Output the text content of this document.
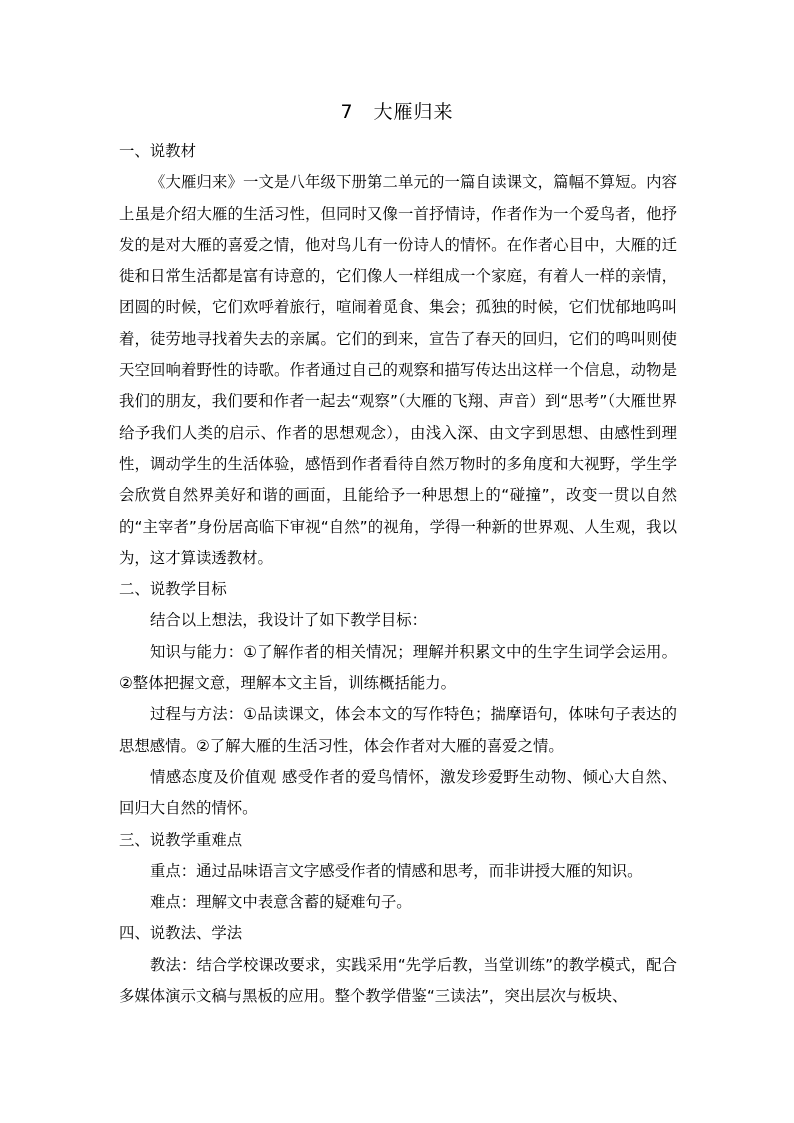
7　大雁归来

一、说教材

《大雁归来》一文是八年级下册第二单元的一篇自读课文，篇幅不算短。内容上虽是介绍大雁的生活习性，但同时又像一首抒情诗，作者作为一个爱鸟者，他抒发的是对大雁的喜爱之情，他对鸟儿有一份诗人的情怀。在作者心目中，大雁的迁徙和日常生活都是富有诗意的，它们像人一样组成一个家庭，有着人一样的亲情，团圆的时候，它们欢呼着旅行，喧闹着觅食、集会；孤独的时候，它们忧郁地呜叫着，徒劳地寻找着失去的亲属。它们的到来，宣告了春天的回归，它们的鸣叫则使天空回响着野性的诗歌。作者通过自己的观察和描写传达出这样一个信息，动物是我们的朋友，我们要和作者一起去“观察”（大雁的飞翔、声音）到“思考”（大雁世界给予我们人类的启示、作者的思想观念），由浅入深、由文字到思想、由感性到理性，调动学生的生活体验，感悟到作者看待自然万物时的多角度和大视野，学生学会欣赏自然界美好和谐的画面，且能给予一种思想上的“碰撞”，改变一贯以自然的“主宰者”身份居高临下审视“自然”的视角，学得一种新的世界观、人生观，我以为，这才算读透教材。

二、说教学目标

结合以上想法，我设计了如下教学目标：

知识与能力：①了解作者的相关情况；理解并积累文中的生字生词学会运用。②整体把握文意，理解本文主旨，训练概括能力。

过程与方法：①品读课文，体会本文的写作特色；揣摩语句，体味句子表达的思想感情。②了解大雁的生活习性，体会作者对大雁的喜爱之情。

情感态度及价值观 感受作者的爱鸟情怀，激发珍爱野生动物、倾心大自然、回归大自然的情怀。

三、说教学重难点

重点：通过品味语言文字感受作者的情感和思考，而非讲授大雁的知识。

难点：理解文中表意含蓄的疑难句子。

四、说教法、学法

教法：结合学校课改要求，实践采用“先学后教，当堂训练”的教学模式，配合多媒体演示文稿与黑板的应用。整个教学借鉴“三读法”，突出层次与板块、
